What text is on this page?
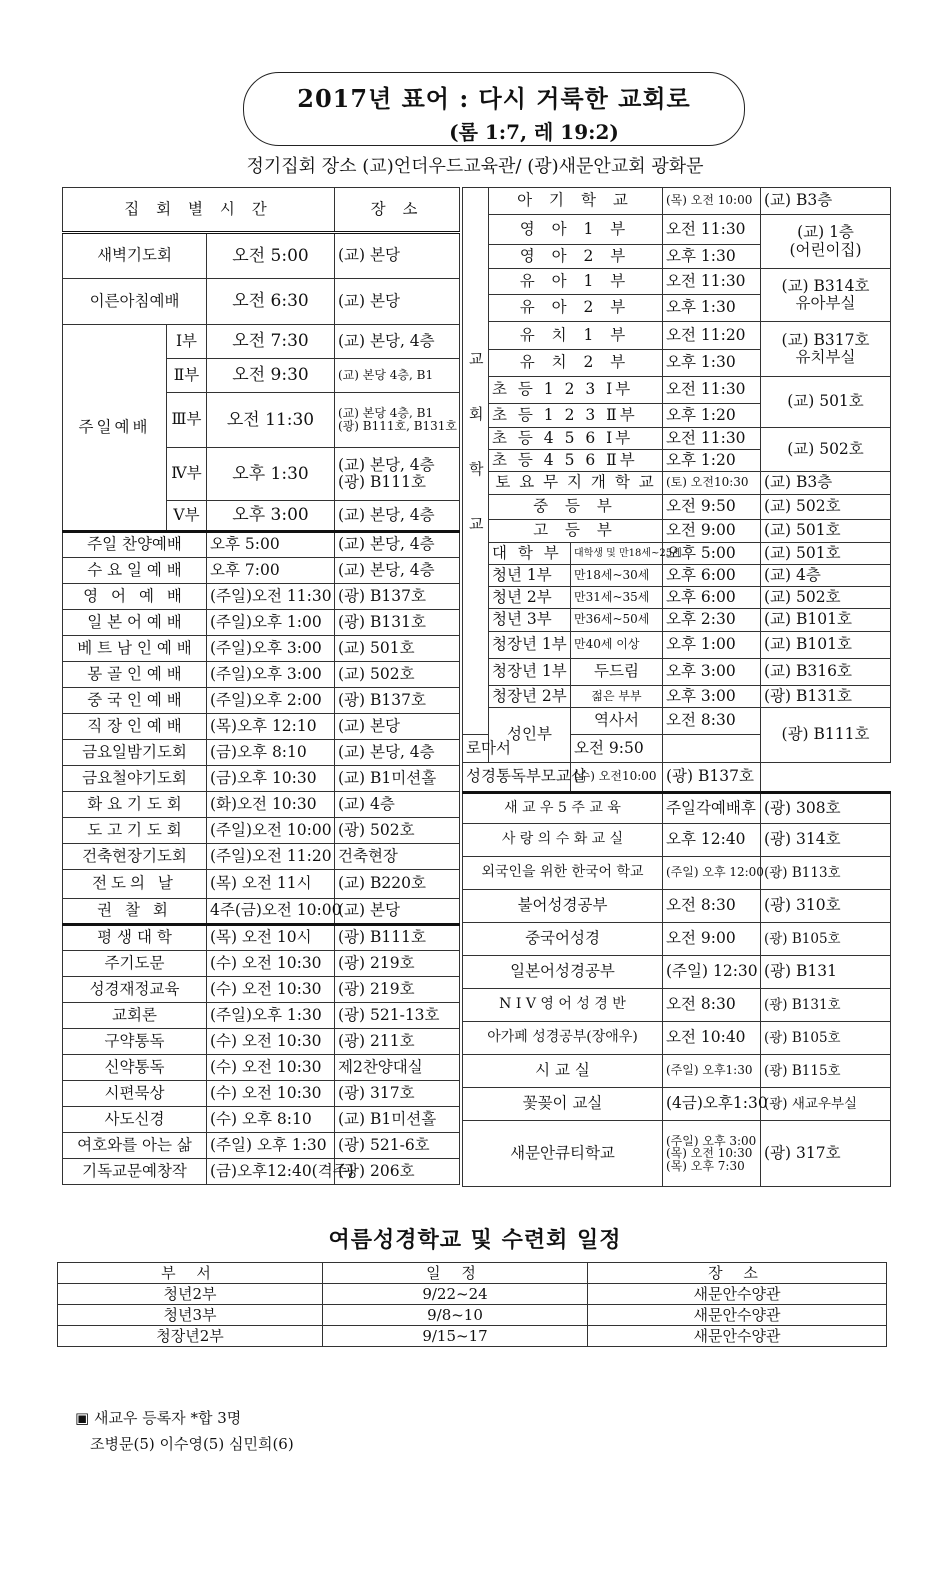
2017년 표어 : 다시 거룩한 교회로
(롬 1:7, 레 19:2)
정기집회 장소 (교)언더우드교육관/ (광)새문안교회 광화문
집 회 별 시 간			장 소
새벽기도회		오전 5:00	(교) 본당
이른아침예배		오전 6:30	(교) 본당
주일예배	Ⅰ부	오전 7:30	(교) 본당, 4층
	Ⅱ부	오전 9:30	(교) 본당 4층, B1
	Ⅲ부	오전 11:30	(교) 본당 4층, B1
(광) B111호, B131호

	Ⅳ부	오후 1:30	(교) 본당, 4층
(광) B111호

	Ⅴ부	오후 3:00	(교) 본당, 4층
주일 찬양예배		오후 5:00	(교) 본당, 4층
수 요 일 예 배		오후 7:00	(교) 본당, 4층
영 어 예 배		(주일)오전 11:30	(광) B137호
일 본 어 예 배		(주일)오후 1:00	(광) B131호
베 트 남 인 예 배		(주일)오후 3:00	(교) 501호
몽 골 인 예 배		(주일)오후 3:00	(교) 502호
중 국 인 예 배		(주일)오후 2:00	(광) B137호
직 장 인 예 배		(목)오후 12:10	(교) 본당
금요일밤기도회		(금)오후 8:10	(교) 본당, 4층
금요철야기도회		(금)오후 10:30	(교) B1미션홀
화 요 기 도 회		(화)오전 10:30	(교) 4층
도 고 기 도 회		(주일)오전 10:00	(광) 502호
건축현장기도회		(주일)오전 11:20	건축현장
전도의 날		(목) 오전 11시	(교) B220호
권 찰 회		4주(금)오전 10:00	(교) 본당
평 생 대 학		(목) 오전 10시	(광) B111호
주기도문		(수) 오전 10:30	(광) 219호
성경재정교육		(수) 오전 10:30	(광) 219호
교회론		(주일)오후 1:30	(광) 521-13호
구약통독		(수) 오전 10:30	(광) 211호
신약통독		(수) 오전 10:30	제2찬양대실
시편묵상		(수) 오전 10:30	(광) 317호
사도신경		(수) 오후 8:10	(교) B1미션홀
여호와를 아는 삶		(주일) 오후 1:30	(광) 521-6호
기독교문예창작		(금)오후12:40(격주)	(광) 206호
교회학교	아 기 학 교		(목) 오전 10:00	(교) B3층
	영 아 1 부		오전 11:30	(교) 1층
(어린이집)

	영 아 2 부		오후 1:30	
	유 아 1 부		오전 11:30	(교) B314호
유아부실

	유 아 2 부		오후 1:30	
	유 치 1 부		오전 11:20	(교) B317호
유치부실

	유 치 2 부		오후 1:30	
	초 등 1 2 3 Ⅰ부		오전 11:30	(교) 501호
	초 등 1 2 3 Ⅱ부		오후 1:20	
	초 등 4 5 6 Ⅰ부		오전 11:30	(교) 502호
	초 등 4 5 6 Ⅱ부		오후 1:20	
	토 요 무 지 개 학 교		(토) 오전10:30	(교) B3층
	중 등 부		오전 9:50	(교) 502호
	고 등 부		오전 9:00	(교) 501호
	대 학 부	대학생 및 만18세~25세	오후 5:00	(교) 501호
	청년 1부	만18세~30세	오후 6:00	(교) 4층
	청년 2부	만31세~35세	오후 6:00	(교) 502호
	청년 3부	만36세~50세	오후 2:30	(교) B101호
	청장년 1부	만40세 이상	오후 1:00	(교) B101호
	청장년 1부	두드림	오후 3:00	(교) B316호
	청장년 2부	젊은 부부	오후 3:00	(광) B131호
	성인부	역사서	오전 8:30	(광) B111호
로마서		오전 9:50		
성경통독부모교실		(수) 오전10:00	(광) B137호	
새 교 우 5 주 교 육			주일각예배후	(광) 308호
사 랑 의 수 화 교 실			오후 12:40	(광) 314호
외국인을 위한 한국어 학교			(주일) 오후 12:00	(광) B113호
불어성경공부			오전 8:30	(광) 310호
중국어성경			오전 9:00	(광) B105호
일본어성경공부			(주일) 12:30	(광) B131
N I V 영 어 성 경 반			오전 8:30	(광) B131호
아가페 성경공부(장애우)			오전 10:40	(광) B105호
시 교 실			(주일) 오후1:30	(광) B115호
꽃꽂이 교실			(4금)오후1:30	(광) 새교우부실
새문안큐티학교			(주일) 오후 3:00
(목) 오전 10:30
(목) 오후 7:30	(광) 317호
여름성경학교 및 수련회 일정
부 서	일 정	장 소
청년2부	9/22~24	새문안수양관
청년3부	9/8~10	새문안수양관
청장년2부	9/15~17	새문안수양관
▣ 새교우 등록자 *합 3명
조병문(5) 이수영(5) 심민희(6)
